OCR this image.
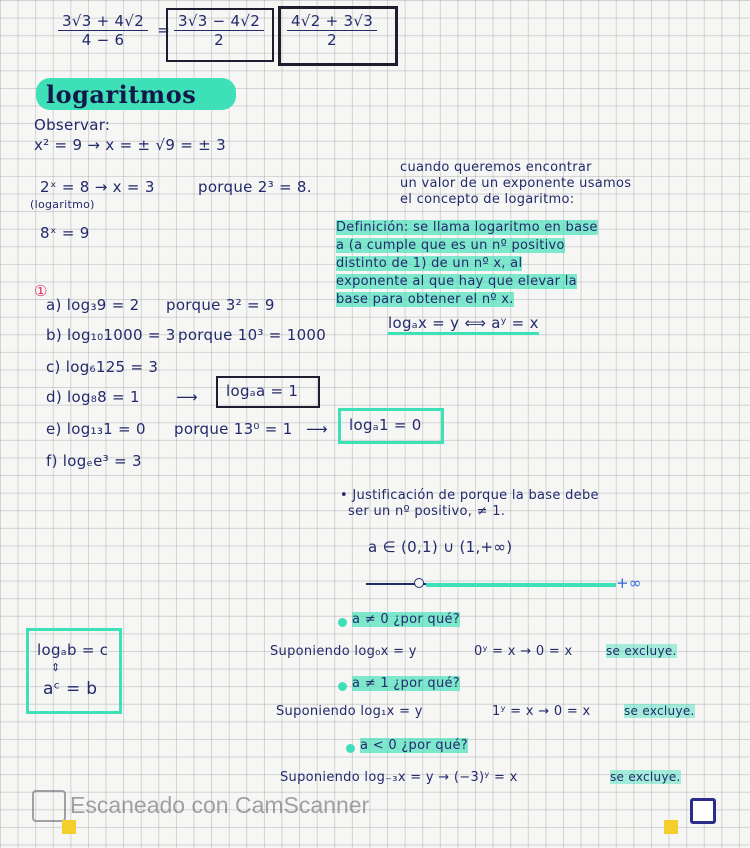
$\frac{3√3 + 4√2}{4 - 6} = \frac{3√3 - 4√2}{2} \frac{4√2 + 3√3}{2}$
logaritmos
Observar:
x² = 9 → x = ± √9 = ± 3
2ˣ = 8 → x = 3	porque 2³ = 8.
(logaritmo)
8ˣ = 9
cuando queremos encontrar
un valor de un exponente usamos
el concepto de logaritmo:
Definición: se llama logaritmo en base
a (a cumple que es un nº positivo
distinto de 1) de un nº x, al
exponente al que hay que elevar la
base para obtener el nº x.
logₐx = y ⟺ aʸ = x
①
a) log₃9 = 2 porque 3² = 9
b) log₁₀1000 = 3 porque 10³ = 1000
c) log₆125 = 3
d) log₈8 = 1 ⟶ logₐa = 1
e) log₁₃1 = 0 porque 13⁰ = 1 ⟶ logₐ1 = 0
f) logₑe³ = 3
• Justificación de porque la base debe
ser un nº positivo, ≠ 1.
a ∈ (0,1) ∪ (1,+∞)
+∞
a ≠ 0 ¿por qué?
Suponiendo log₀x = y	0ʸ = x → 0 = x	se excluye.
a ≠ 1 ¿por qué?
Suponiendo log₁x = y	1ʸ = x → 0 = x	se excluye.
a < 0 ¿por qué?
Suponiendo log₋₃x = y → (−3)ʸ = x	se excluye.
logₐb = c
⇕
aᶜ = b
Escaneado con CamScanner
